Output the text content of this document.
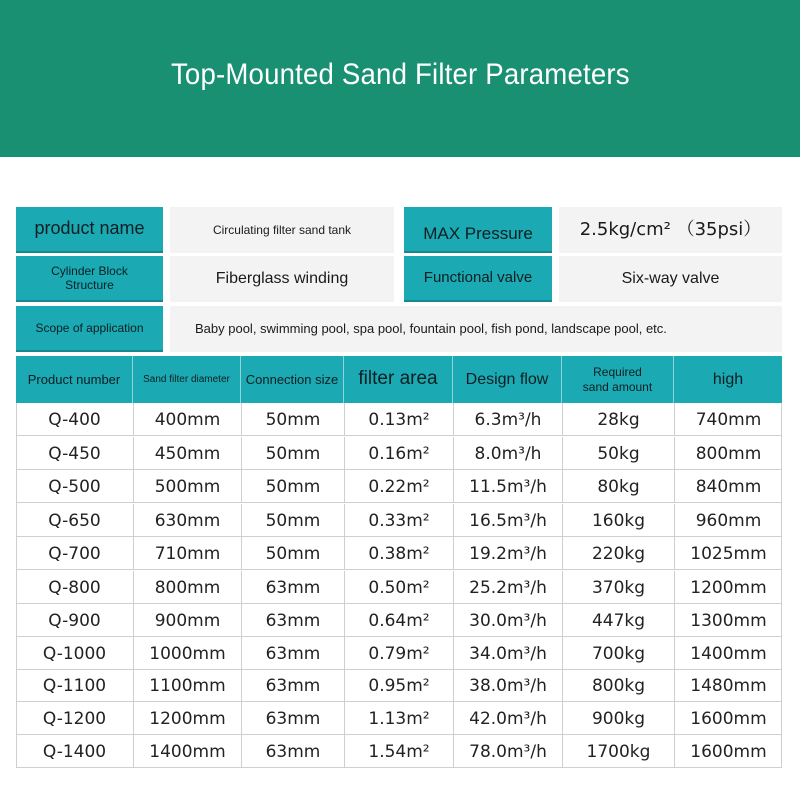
Top-Mounted Sand Filter Parameters
product name	Circulating filter sand tank	MAX Pressure	2.5kg/cm² （35psi）
Cylinder Block Structure	Fiberglass winding	Functional valve	Six-way valve
Scope of application	Baby pool, swimming pool, spa pool, fountain pool, fish pond, landscape pool, etc.
Product number	Sand filter diameter	Connection size	filter area	Design flow	Required sand amount	high
Q-400	400mm	50mm	0.13m²	6.3m³/h	28kg	740mm
Q-450	450mm	50mm	0.16m²	8.0m³/h	50kg	800mm
Q-500	500mm	50mm	0.22m²	11.5m³/h	80kg	840mm
Q-650	630mm	50mm	0.33m²	16.5m³/h	160kg	960mm
Q-700	710mm	50mm	0.38m²	19.2m³/h	220kg	1025mm
Q-800	800mm	63mm	0.50m²	25.2m³/h	370kg	1200mm
Q-900	900mm	63mm	0.64m²	30.0m³/h	447kg	1300mm
Q-1000	1000mm	63mm	0.79m²	34.0m³/h	700kg	1400mm
Q-1100	1100mm	63mm	0.95m²	38.0m³/h	800kg	1480mm
Q-1200	1200mm	63mm	1.13m²	42.0m³/h	900kg	1600mm
Q-1400	1400mm	63mm	1.54m²	78.0m³/h	1700kg	1600mm
